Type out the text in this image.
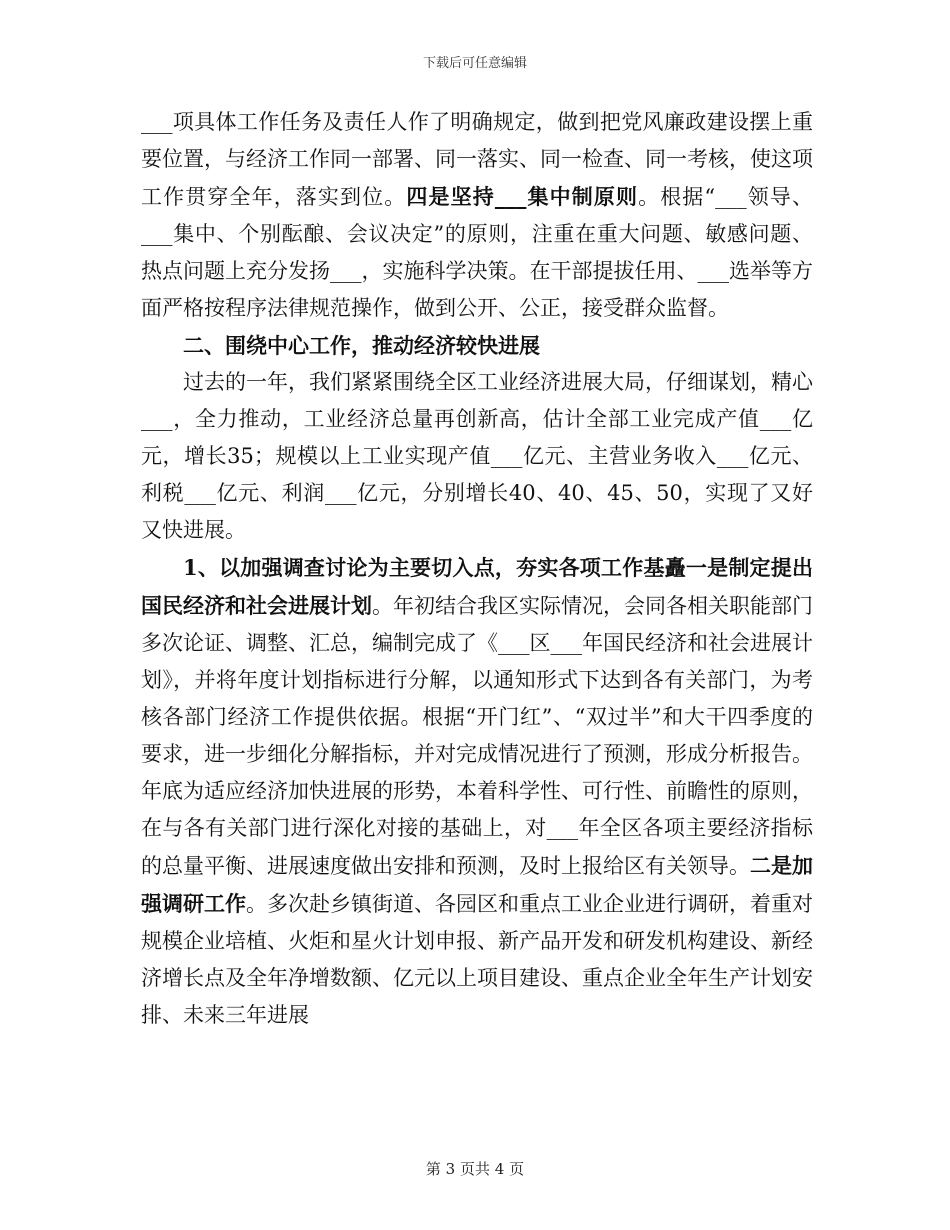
下载后可任意编辑

___项具体工作任务及责任人作了明确规定，做到把党风廉政建设摆上重要位置，与经济工作同一部署、同一落实、同一检查、同一考核，使这项工作贯穿全年，落实到位。四是坚持___集中制原则。根据“___领导、___集中、个别酝酿、会议决定”的原则，注重在重大问题、敏感问题、热点问题上充分发扬___，实施科学决策。在干部提拔任用、___选举等方面严格按程序法律规范操作，做到公开、公正，接受群众监督。

二、围绕中心工作，推动经济较快进展

过去的一年，我们紧紧围绕全区工业经济进展大局，仔细谋划，精心___，全力推动，工业经济总量再创新高，估计全部工业完成产值___亿元，增长35；规模以上工业实现产值___亿元、主营业务收入___亿元、利税___亿元、利润___亿元，分别增长40、40、45、50，实现了又好又快进展。

1、以加强调查讨论为主要切入点，夯实各项工作基矗一是制定提出国民经济和社会进展计划。年初结合我区实际情况，会同各相关职能部门多次论证、调整、汇总，编制完成了《___区___年国民经济和社会进展计划》，并将年度计划指标进行分解，以通知形式下达到各有关部门，为考核各部门经济工作提供依据。根据“开门红”、“双过半”和大干四季度的要求，进一步细化分解指标，并对完成情况进行了预测，形成分析报告。年底为适应经济加快进展的形势，本着科学性、可行性、前瞻性的原则，在与各有关部门进行深化对接的基础上，对___年全区各项主要经济指标的总量平衡、进展速度做出安排和预测，及时上报给区有关领导。二是加强调研工作。多次赴乡镇街道、各园区和重点工业企业进行调研，着重对规模企业培植、火炬和星火计划申报、新产品开发和研发机构建设、新经济增长点及全年净增数额、亿元以上项目建设、重点企业全年生产计划安排、未来三年进展

第 3 页共 4 页
